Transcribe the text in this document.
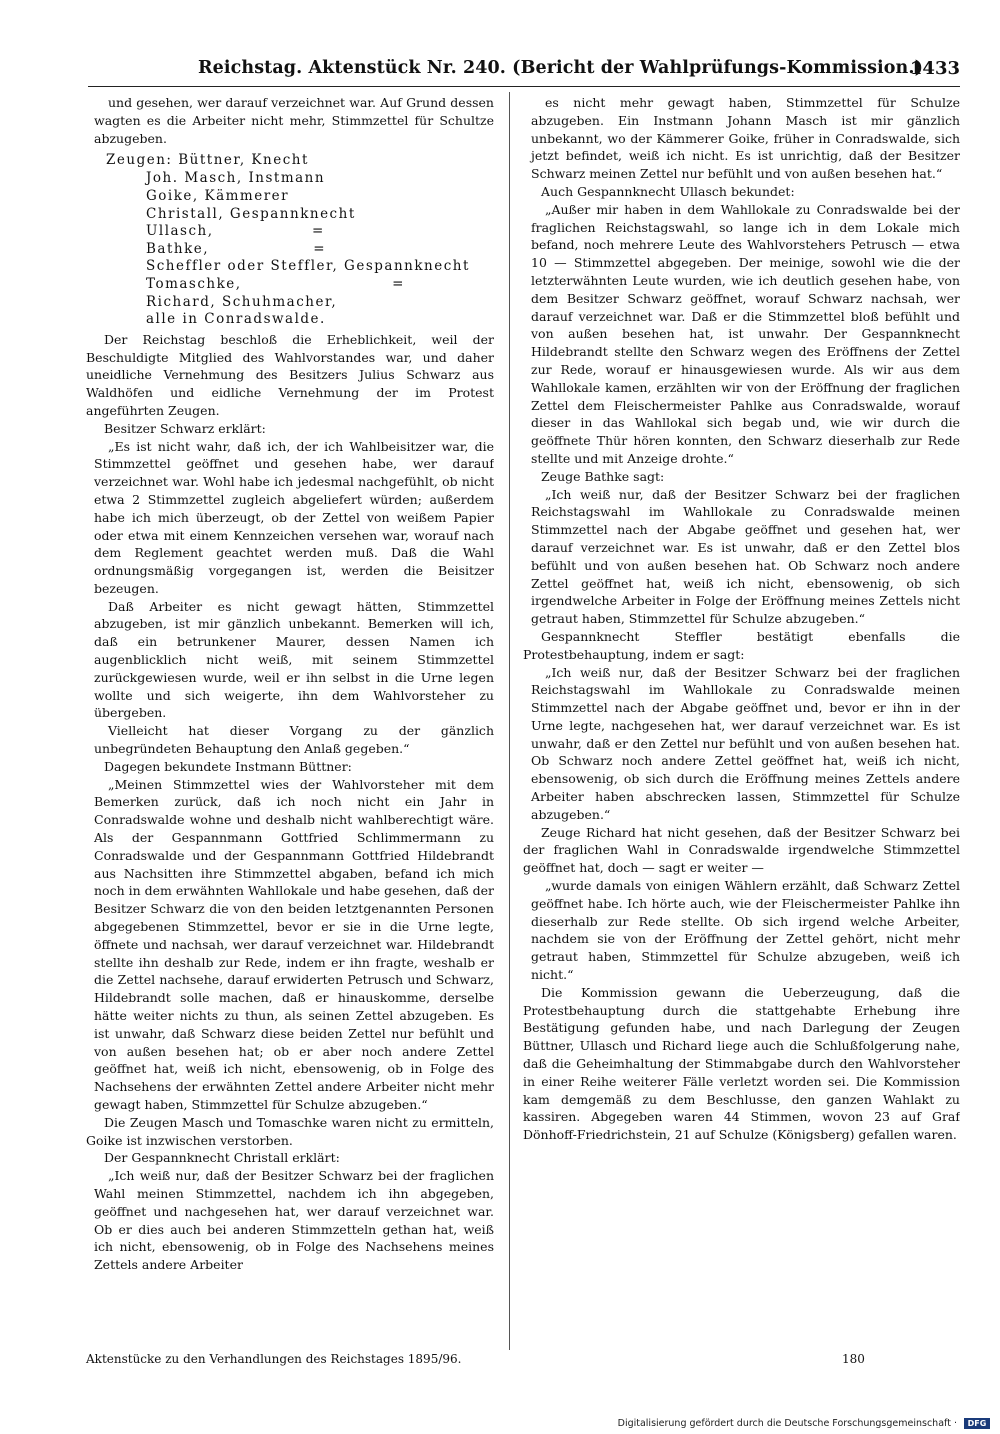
Reichstag. Aktenstück Nr. 240. (Bericht der Wahlprüfungs-Kommission.)
1433

und gesehen, wer darauf verzeichnet war. Auf Grund dessen wagten es die Arbeiter nicht mehr, Stimmzettel für Schultze abzugeben.

Zeugen: Büttner, Knecht

Joh. Masch, Instmann
Goike, Kämmerer
Christall, Gespannknecht
Ullasch,                 =
Bathke,                  =
Scheffler oder Steffler, Gespannknecht
Tomaschke,                          =
Richard, Schuhmacher,
alle in Conradswalde.

Der Reichstag beschloß die Erheblichkeit, weil der Beschuldigte Mitglied des Wahlvorstandes war, und daher uneidliche Vernehmung des Besitzers Julius Schwarz aus Waldhöfen und eidliche Vernehmung der im Protest angeführten Zeugen.

Besitzer Schwarz erklärt:

„Es ist nicht wahr, daß ich, der ich Wahlbeisitzer war, die Stimmzettel geöffnet und gesehen habe, wer darauf verzeichnet war. Wohl habe ich jedesmal nachgefühlt, ob nicht etwa 2 Stimmzettel zugleich abgeliefert würden; außerdem habe ich mich überzeugt, ob der Zettel von weißem Papier oder etwa mit einem Kennzeichen versehen war, worauf nach dem Reglement geachtet werden muß. Daß die Wahl ordnungsmäßig vorgegangen ist, werden die Beisitzer bezeugen.

Daß Arbeiter es nicht gewagt hätten, Stimmzettel abzugeben, ist mir gänzlich unbekannt. Bemerken will ich, daß ein betrunkener Maurer, dessen Namen ich augenblicklich nicht weiß, mit seinem Stimmzettel zurückgewiesen wurde, weil er ihn selbst in die Urne legen wollte und sich weigerte, ihn dem Wahlvorsteher zu übergeben.

Vielleicht hat dieser Vorgang zu der gänzlich unbegründeten Behauptung den Anlaß gegeben.“

Dagegen bekundete Instmann Büttner:

„Meinen Stimmzettel wies der Wahlvorsteher mit dem Bemerken zurück, daß ich noch nicht ein Jahr in Conradswalde wohne und deshalb nicht wahlberechtigt wäre. Als der Gespannmann Gottfried Schlimmermann zu Conradswalde und der Gespannmann Gottfried Hildebrandt aus Nachsitten ihre Stimmzettel abgaben, befand ich mich noch in dem erwähnten Wahllokale und habe gesehen, daß der Besitzer Schwarz die von den beiden letztgenannten Personen abgegebenen Stimmzettel, bevor er sie in die Urne legte, öffnete und nachsah, wer darauf verzeichnet war. Hildebrandt stellte ihn deshalb zur Rede, indem er ihn fragte, weshalb er die Zettel nachsehe, darauf erwiderten Petrusch und Schwarz, Hildebrandt solle machen, daß er hinauskomme, derselbe hätte weiter nichts zu thun, als seinen Zettel abzugeben. Es ist unwahr, daß Schwarz diese beiden Zettel nur befühlt und von außen besehen hat; ob er aber noch andere Zettel geöffnet hat, weiß ich nicht, ebensowenig, ob in Folge des Nachsehens der erwähnten Zettel andere Arbeiter nicht mehr gewagt haben, Stimmzettel für Schulze abzugeben.“

Die Zeugen Masch und Tomaschke waren nicht zu ermitteln, Goike ist inzwischen verstorben.

Der Gespannknecht Christall erklärt:

„Ich weiß nur, daß der Besitzer Schwarz bei der fraglichen Wahl meinen Stimmzettel, nachdem ich ihn abgegeben, geöffnet und nachgesehen hat, wer darauf verzeichnet war. Ob er dies auch bei anderen Stimmzetteln gethan hat, weiß ich nicht, ebensowenig, ob in Folge des Nachsehens meines Zettels andere Arbeiter

es nicht mehr gewagt haben, Stimmzettel für Schulze abzugeben. Ein Instmann Johann Masch ist mir gänzlich unbekannt, wo der Kämmerer Goike, früher in Conradswalde, sich jetzt befindet, weiß ich nicht. Es ist unrichtig, daß der Besitzer Schwarz meinen Zettel nur befühlt und von außen besehen hat.“

Auch Gespannknecht Ullasch bekundet:

„Außer mir haben in dem Wahllokale zu Conradswalde bei der fraglichen Reichstagswahl, so lange ich in dem Lokale mich befand, noch mehrere Leute des Wahlvorstehers Petrusch — etwa 10 — Stimmzettel abgegeben. Der meinige, sowohl wie die der letzterwähnten Leute wurden, wie ich deutlich gesehen habe, von dem Besitzer Schwarz geöffnet, worauf Schwarz nachsah, wer darauf verzeichnet war. Daß er die Stimmzettel bloß befühlt und von außen besehen hat, ist unwahr. Der Gespannknecht Hildebrandt stellte den Schwarz wegen des Eröffnens der Zettel zur Rede, worauf er hinausgewiesen wurde. Als wir aus dem Wahllokale kamen, erzählten wir von der Eröffnung der fraglichen Zettel dem Fleischermeister Pahlke aus Conradswalde, worauf dieser in das Wahllokal sich begab und, wie wir durch die geöffnete Thür hören konnten, den Schwarz dieserhalb zur Rede stellte und mit Anzeige drohte.“

Zeuge Bathke sagt:

„Ich weiß nur, daß der Besitzer Schwarz bei der fraglichen Reichstagswahl im Wahllokale zu Conradswalde meinen Stimmzettel nach der Abgabe geöffnet und gesehen hat, wer darauf verzeichnet war. Es ist unwahr, daß er den Zettel blos befühlt und von außen besehen hat. Ob Schwarz noch andere Zettel geöffnet hat, weiß ich nicht, ebensowenig, ob sich irgendwelche Arbeiter in Folge der Eröffnung meines Zettels nicht getraut haben, Stimmzettel für Schulze abzugeben.“

Gespannknecht Steffler bestätigt ebenfalls die Protestbehauptung, indem er sagt:

„Ich weiß nur, daß der Besitzer Schwarz bei der fraglichen Reichstagswahl im Wahllokale zu Conradswalde meinen Stimmzettel nach der Abgabe geöffnet und, bevor er ihn in der Urne legte, nachgesehen hat, wer darauf verzeichnet war. Es ist unwahr, daß er den Zettel nur befühlt und von außen besehen hat. Ob Schwarz noch andere Zettel geöffnet hat, weiß ich nicht, ebensowenig, ob sich durch die Eröffnung meines Zettels andere Arbeiter haben abschrecken lassen, Stimmzettel für Schulze abzugeben.“

Zeuge Richard hat nicht gesehen, daß der Besitzer Schwarz bei der fraglichen Wahl in Conradswalde irgendwelche Stimmzettel geöffnet hat, doch — sagt er weiter —

„wurde damals von einigen Wählern erzählt, daß Schwarz Zettel geöffnet habe. Ich hörte auch, wie der Fleischermeister Pahlke ihn dieserhalb zur Rede stellte. Ob sich irgend welche Arbeiter, nachdem sie von der Eröffnung der Zettel gehört, nicht mehr getraut haben, Stimmzettel für Schulze abzugeben, weiß ich nicht.“

Die Kommission gewann die Ueberzeugung, daß die Protestbehauptung durch die stattgehabte Erhebung ihre Bestätigung gefunden habe, und nach Darlegung der Zeugen Büttner, Ullasch und Richard liege auch die Schlußfolgerung nahe, daß die Geheimhaltung der Stimmabgabe durch den Wahlvorsteher in einer Reihe weiterer Fälle verletzt worden sei. Die Kommission kam demgemäß zu dem Beschlusse, den ganzen Wahlakt zu kassiren. Abgegeben waren 44 Stimmen, wovon 23 auf Graf Dönhoff-Friedrichstein, 21 auf Schulze (Königsberg) gefallen waren.

Aktenstücke zu den Verhandlungen des Reichstages 1895/96.	180
Digitalisierung gefördert durch die Deutsche Forschungsgemeinschaft · DFG
